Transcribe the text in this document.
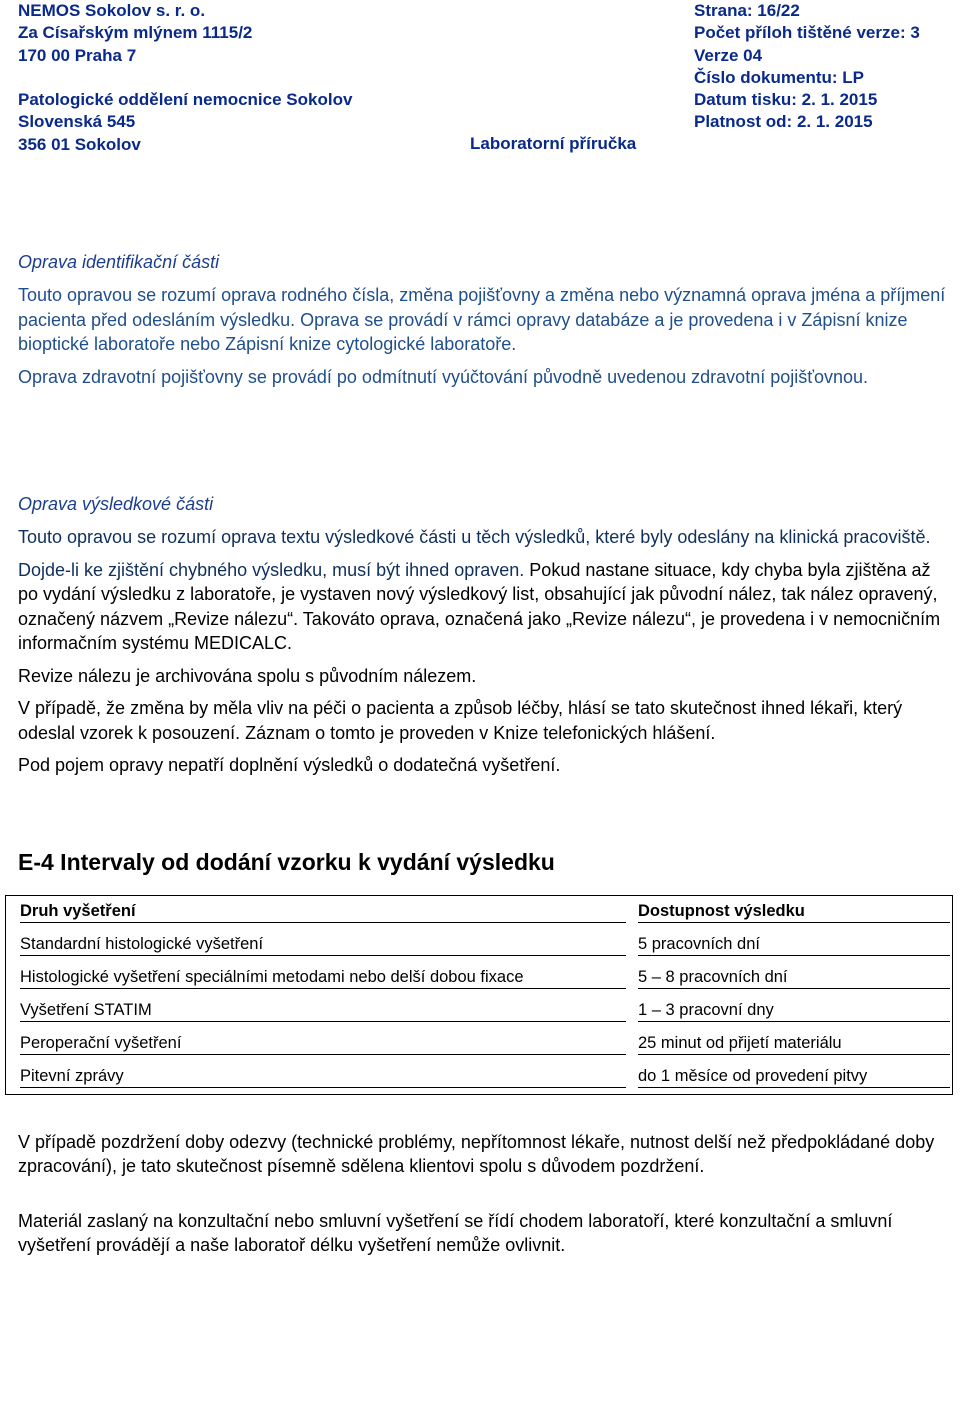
NEMOS Sokolov s. r. o.
Za Císařským mlýnem 1115/2
170 00 Praha 7
Patologické oddělení nemocnice Sokolov
Slovenská 545
356 01 Sokolov
Strana: 16/22
Počet příloh tištěné verze: 3
Verze 04
Číslo dokumentu: LP
Datum tisku: 2. 1. 2015
Platnost od: 2. 1. 2015
Laboratorní příručka
Oprava identifikační části

Touto opravou se rozumí oprava rodného čísla, změna pojišťovny a změna nebo významná oprava jména a příjmení pacienta před odesláním výsledku. Oprava se provádí v rámci opravy databáze a je provedena i v Zápisní knize bioptické laboratoře nebo Zápisní knize cytologické laboratoře.

Oprava zdravotní pojišťovny se provádí po odmítnutí vyúčtování původně uvedenou zdravotní pojišťovnou.

Oprava výsledkové části

Touto opravou se rozumí oprava textu výsledkové části u těch výsledků, které byly odeslány na klinická pracoviště.

Dojde-li ke zjištění chybného výsledku, musí být ihned opraven. Pokud nastane situace, kdy chyba byla zjištěna až po vydání výsledku z laboratoře, je vystaven nový výsledkový list, obsahující jak původní nález, tak nález opravený, označený názvem „Revize nálezu“. Takováto oprava, označená jako „Revize nálezu“, je provedena i v nemocničním informačním systému MEDICALC.

Revize nálezu je archivována spolu s původním nálezem.

V případě, že změna by měla vliv na péči o pacienta a způsob léčby, hlásí se tato skutečnost ihned lékaři, který odeslal vzorek k posouzení. Záznam o tomto je proveden v Knize telefonických hlášení.

Pod pojem opravy nepatří doplnění výsledků o dodatečná vyšetření.

E-4 Intervaly od dodání vzorku k vydání výsledku
Druh vyšetření	Dostupnost výsledku
Standardní histologické vyšetření	5 pracovních dní
Histologické vyšetření speciálními metodami nebo delší dobou fixace	5 – 8 pracovních dní
Vyšetření STATIM	1 – 3 pracovní dny
Peroperační vyšetření	25 minut od přijetí materiálu
Pitevní zprávy	do 1 měsíce od provedení pitvy

V případě pozdržení doby odezvy (technické problémy, nepřítomnost lékaře, nutnost delší než předpokládané doby zpracování), je tato skutečnost písemně sdělena klientovi spolu s důvodem pozdržení.

Materiál zaslaný na konzultační nebo smluvní vyšetření se řídí chodem laboratoří, které konzultační a smluvní vyšetření provádějí a naše laboratoř délku vyšetření nemůže ovlivnit.
